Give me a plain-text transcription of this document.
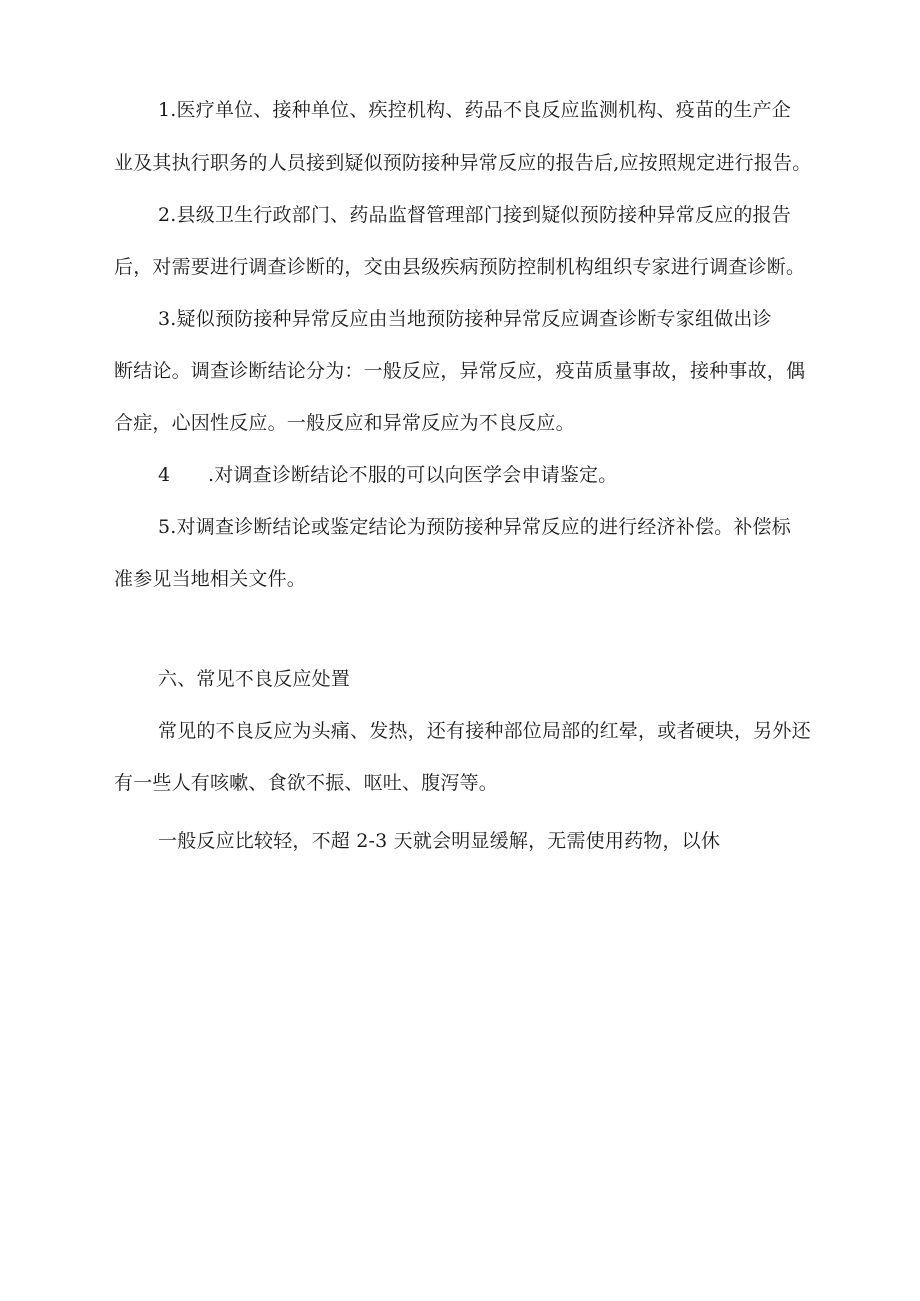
1.医疗单位、接种单位、疾控机构、药品不良反应监测机构、疫苗的生产企
业及其执行职务的人员接到疑似预防接种异常反应的报告后,应按照规定进行报告。
2.县级卫生行政部门、药品监督管理部门接到疑似预防接种异常反应的报告
后，对需要进行调查诊断的，交由县级疾病预防控制机构组织专家进行调查诊断。
3.疑似预防接种异常反应由当地预防接种异常反应调查诊断专家组做出诊
断结论。调查诊断结论分为：一般反应，异常反应，疫苗质量事故，接种事故，偶
合症，心因性反应。一般反应和异常反应为不良反应。
4.对调查诊断结论不服的可以向医学会申请鉴定。
5.对调查诊断结论或鉴定结论为预防接种异常反应的进行经济补偿。补偿标
准参见当地相关文件。
六、常见不良反应处置
常见的不良反应为头痛、发热，还有接种部位局部的红晕，或者硬块，另外还
有一些人有咳嗽、食欲不振、呕吐、腹泻等。
一般反应比较轻，不超 2-3 天就会明显缓解，无需使用药物，以休
